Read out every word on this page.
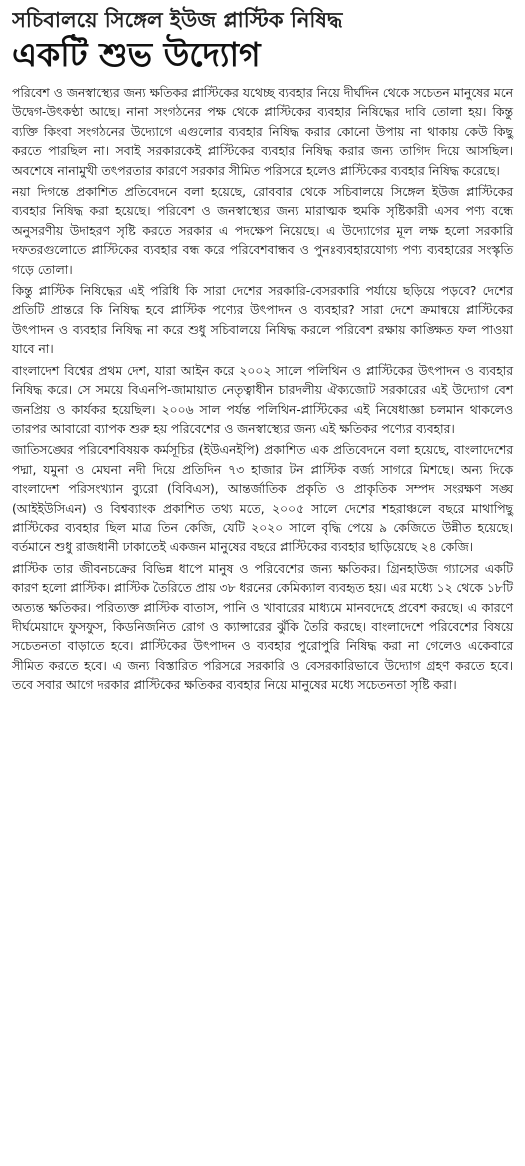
সচিবালয়ে সিঙ্গেল ইউজ প্লাস্টিক নিষিদ্ধ
একটি শুভ উদ্যোগ

পরিবেশ ও জনস্বাস্থ্যের জন্য ক্ষতিকর প্লাস্টিকের যথেচ্ছ ব্যবহার নিয়ে দীর্ঘদিন থেকে সচেতন মানুষের মনে উদ্বেগ-উৎকণ্ঠা আছে। নানা সংগঠনের পক্ষ থেকে প্লাস্টিকের ব্যবহার নিষিদ্ধের দাবি তোলা হয়। কিন্তু ব্যক্তি কিংবা সংগঠনের উদ্যোগে এগুলোর ব্যবহার নিষিদ্ধ করার কোনো উপায় না থাকায় কেউ কিছু করতে পারছিল না। সবাই সরকারকেই প্লাস্টিকের ব্যবহার নিষিদ্ধ করার জন্য তাগিদ দিয়ে আসছিল। অবশেষে নানামুখী তৎপরতার কারণে সরকার সীমিত পরিসরে হলেও প্লাস্টিকের ব্যবহার নিষিদ্ধ করেছে।

নয়া দিগন্তে প্রকাশিত প্রতিবেদনে বলা হয়েছে, রোববার থেকে সচিবালয়ে সিঙ্গেল ইউজ প্লাস্টিকের ব্যবহার নিষিদ্ধ করা হয়েছে। পরিবেশ ও জনস্বাস্থ্যের জন্য মারাত্মক হুমকি সৃষ্টিকারী এসব পণ্য বন্ধে অনুসরণীয় উদাহরণ সৃষ্টি করতে সরকার এ পদক্ষেপ নিয়েছে। এ উদ্যোগের মূল লক্ষ হলো সরকারি দফতরগুলোতে প্লাস্টিকের ব্যবহার বন্ধ করে পরিবেশবান্ধব ও পুনঃব্যবহারযোগ্য পণ্য ব্যবহারের সংস্কৃতি গড়ে তোলা।

কিন্তু প্লাস্টিক নিষিদ্ধের এই পরিধি কি সারা দেশের সরকারি-বেসরকারি পর্যায়ে ছড়িয়ে পড়বে? দেশের প্রতিটি প্রান্তরে কি নিষিদ্ধ হবে প্লাস্টিক পণ্যের উৎপাদন ও ব্যবহার? সারা দেশে ক্রমান্বয়ে প্লাস্টিকের উৎপাদন ও ব্যবহার নিষিদ্ধ না করে শুধু সচিবালয়ে নিষিদ্ধ করলে পরিবেশ রক্ষায় কাঙ্ক্ষিত ফল পাওয়া যাবে না।

বাংলাদেশ বিশ্বের প্রথম দেশ, যারা আইন করে ২০০২ সালে পলিথিন ও প্লাস্টিকের উৎপাদন ও ব্যবহার নিষিদ্ধ করে। সে সময়ে বিএনপি-জামায়াত নেতৃত্বাধীন চারদলীয় ঐক্যজোট সরকারের এই উদ্যোগ বেশ জনপ্রিয় ও কার্যকর হয়েছিল। ২০০৬ সাল পর্যন্ত পলিথিন-প্লাস্টিকের এই নিষেধাজ্ঞা চলমান থাকলেও তারপর আবারো ব্যাপক শুরু হয় পরিবেশের ও জনস্বাস্থ্যের জন্য এই ক্ষতিকর পণ্যের ব্যবহার।

জাতিসঙ্ঘের পরিবেশবিষয়ক কর্মসূচির (ইউএনইপি) প্রকাশিত এক প্রতিবেদনে বলা হয়েছে, বাংলাদেশের পদ্মা, যমুনা ও মেঘনা নদী দিয়ে প্রতিদিন ৭৩ হাজার টন প্লাস্টিক বর্জ্য সাগরে মিশছে। অন্য দিকে বাংলাদেশ পরিসংখ্যান ব্যুরো (বিবিএস), আন্তর্জাতিক প্রকৃতি ও প্রাকৃতিক সম্পদ সংরক্ষণ সঙ্ঘ (আইইউসিএন) ও বিশ্বব্যাংক প্রকাশিত তথ্য মতে, ২০০৫ সালে দেশের শহরাঞ্চলে বছরে মাথাপিছু প্লাস্টিকের ব্যবহার ছিল মাত্র তিন কেজি, যেটি ২০২০ সালে বৃদ্ধি পেয়ে ৯ কেজিতে উন্নীত হয়েছে। বর্তমানে শুধু রাজধানী ঢাকাতেই একজন মানুষের বছরে প্লাস্টিকের ব্যবহার ছাড়িয়েছে ২৪ কেজি।

প্লাস্টিক তার জীবনচক্রের বিভিন্ন ধাপে মানুষ ও পরিবেশের জন্য ক্ষতিকর। গ্রিনহাউজ গ্যাসের একটি কারণ হলো প্লাস্টিক। প্লাস্টিক তৈরিতে প্রায় ৩৮ ধরনের কেমিক্যাল ব্যবহৃত হয়। এর মধ্যে ১২ থেকে ১৮টি অত্যন্ত ক্ষতিকর। পরিত্যক্ত প্লাস্টিক বাতাস, পানি ও খাবারের মাধ্যমে মানবদেহে প্রবেশ করছে। এ কারণে দীর্ঘমেয়াদে ফুসফুস, কিডনিজনিত রোগ ও ক্যান্সারের ঝুঁকি তৈরি করছে। বাংলাদেশে পরিবেশের বিষয়ে সচেতনতা বাড়াতে হবে। প্লাস্টিকের উৎপাদন ও ব্যবহার পুরোপুরি নিষিদ্ধ করা না গেলেও একেবারে সীমিত করতে হবে। এ জন্য বিস্তারিত পরিসরে সরকারি ও বেসরকারিভাবে উদ্যোগ গ্রহণ করতে হবে। তবে সবার আগে দরকার প্লাস্টিকের ক্ষতিকর ব্যবহার নিয়ে মানুষের মধ্যে সচেতনতা সৃষ্টি করা।
